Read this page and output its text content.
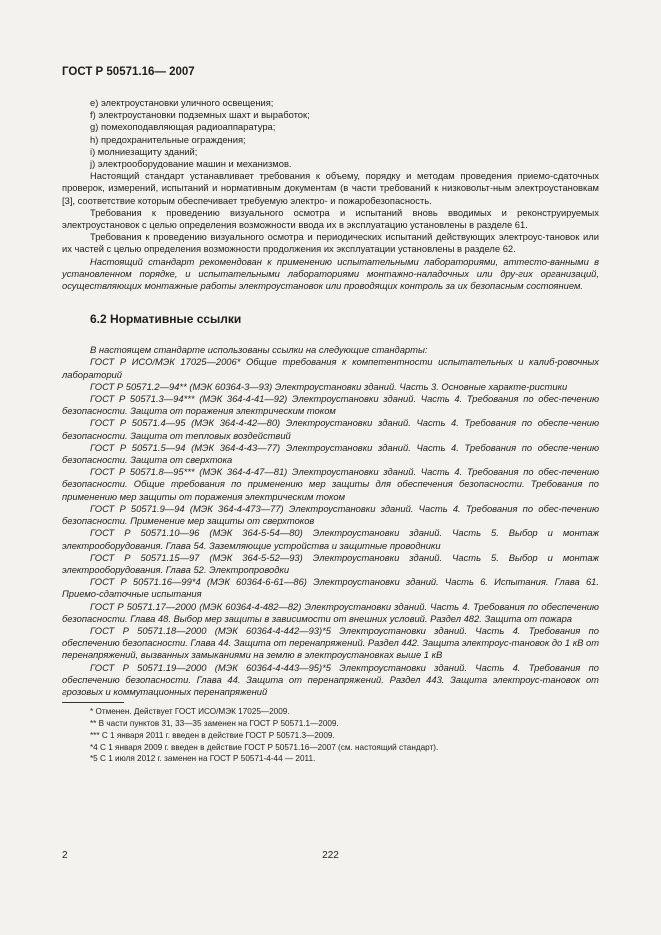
ГОСТ Р 50571.16— 2007

е) электроустановки уличного освещения;

f) электроустановки подземных шахт и выработок;

g) помехоподавляющая радиоаппаратура;

h) предохранительные ограждения;

i) молниезащиту зданий;

j) электрооборудование машин и механизмов.

Настоящий стандарт устанавливает требования к объему, порядку и методам проведения приемо-сдаточных проверок, измерений, испытаний и нормативным документам (в части требований к низковольт-ным электроустановкам [3], соответствие которым обеспечивает требуемую электро- и пожаробезопасность.

Требования к проведению визуального осмотра и испытаний вновь вводимых и реконструируемых электроустановок с целью определения возможности ввода их в эксплуатацию установлены в разделе 61.

Требования к проведению визуального осмотра и периодических испытаний действующих электроус-тановок или их частей с целью определения возможности продолжения их эксплуатации установлены в разделе 62.

Настоящий стандарт рекомендован к применению испытательными лабораториями, аттесто-ванными в установленном порядке, и испытательными лабораториями монтажно-наладочных или дру-гих организаций, осуществляющих монтажные работы электроустановок или проводящих контроль за их безопасным состоянием.

6.2 Нормативные ссылки

В настоящем стандарте использованы ссылки на следующие стандарты:

ГОСТ Р ИСО/МЭК 17025—2006* Общие требования к компетентности испытательных и калиб-ровочных лабораторий

ГОСТ Р 50571.2—94** (МЭК 60364-3—93) Электроустановки зданий. Часть 3. Основные характе-ристики

ГОСТ Р 50571.3—94*** (МЭК 364-4-41—92) Электроустановки зданий. Часть 4. Требования по обес-печению безопасности. Защита от поражения электрическим током

ГОСТ Р 50571.4—95 (МЭК 364-4-42—80) Электроустановки зданий. Часть 4. Требования по обеспе-чению безопасности. Защита от тепловых воздействий

ГОСТ Р 50571.5—94 (МЭК 364-4-43—77) Электроустановки зданий. Часть 4. Требования по обеспе-чению безопасности. Защита от сверхтока

ГОСТ Р 50571.8—95*** (МЭК 364-4-47—81) Электроустановки зданий. Часть 4. Требования по обес-печению безопасности. Общие требования по применению мер защиты для обеспечения безопасности. Требования по применению мер защиты от поражения электрическим током

ГОСТ Р 50571.9—94 (МЭК 364-4-473—77) Электроустановки зданий. Часть 4. Требования по обес-печению безопасности. Применение мер защиты от сверхтоков

ГОСТ Р 50571.10—96 (МЭК 364-5-54—80) Электроустановки зданий. Часть 5. Выбор и монтаж электрооборудования. Глава 54. Заземляющие устройства и защитные проводники

ГОСТ Р 50571.15—97 (МЭК 364-5-52—93) Электроустановки зданий. Часть 5. Выбор и монтаж электрооборудования. Глава 52. Электропроводки

ГОСТ Р 50571.16—99*4 (МЭК 60364-6-61—86) Электроустановки зданий. Часть 6. Испытания. Глава 61. Приемо-сдаточные испытания

ГОСТ Р 50571.17—2000 (МЭК 60364-4-482—82) Электроустановки зданий. Часть 4. Требования по обеспечению безопасности. Глава 48. Выбор мер защиты в зависимости от внешних условий. Раздел 482. Защита от пожара

ГОСТ Р 50571.18—2000 (МЭК 60364-4-442—93)*5 Электроустановки зданий. Часть 4. Требования по обеспечению безопасности. Глава 44. Защита от перенапряжений. Раздел 442. Защита электроус-тановок до 1 кВ от перенапряжений, вызванных замыканиями на землю в электроустановках выше 1 кВ

ГОСТ Р 50571.19—2000 (МЭК 60364-4-443—95)*5 Электроустановки зданий. Часть 4. Требования по обеспечению безопасности. Глава 44. Защита от перенапряжений. Раздел 443. Защита электроус-тановок от грозовых и коммутационных перенапряжений

* Отменен. Действует ГОСТ ИСО/МЭК 17025—2009.

** В части пунктов 31, 33—35 заменен на ГОСТ Р 50571.1—2009.

*** С 1 января 2011 г. введен в действие ГОСТ Р 50571.3—2009.

*4 С 1 января 2009 г. введен в действие ГОСТ Р 50571.16—2007 (см. настоящий стандарт).

*5 С 1 июля 2012 г. заменен на ГОСТ Р 50571-4-44 — 2011.

2	222
